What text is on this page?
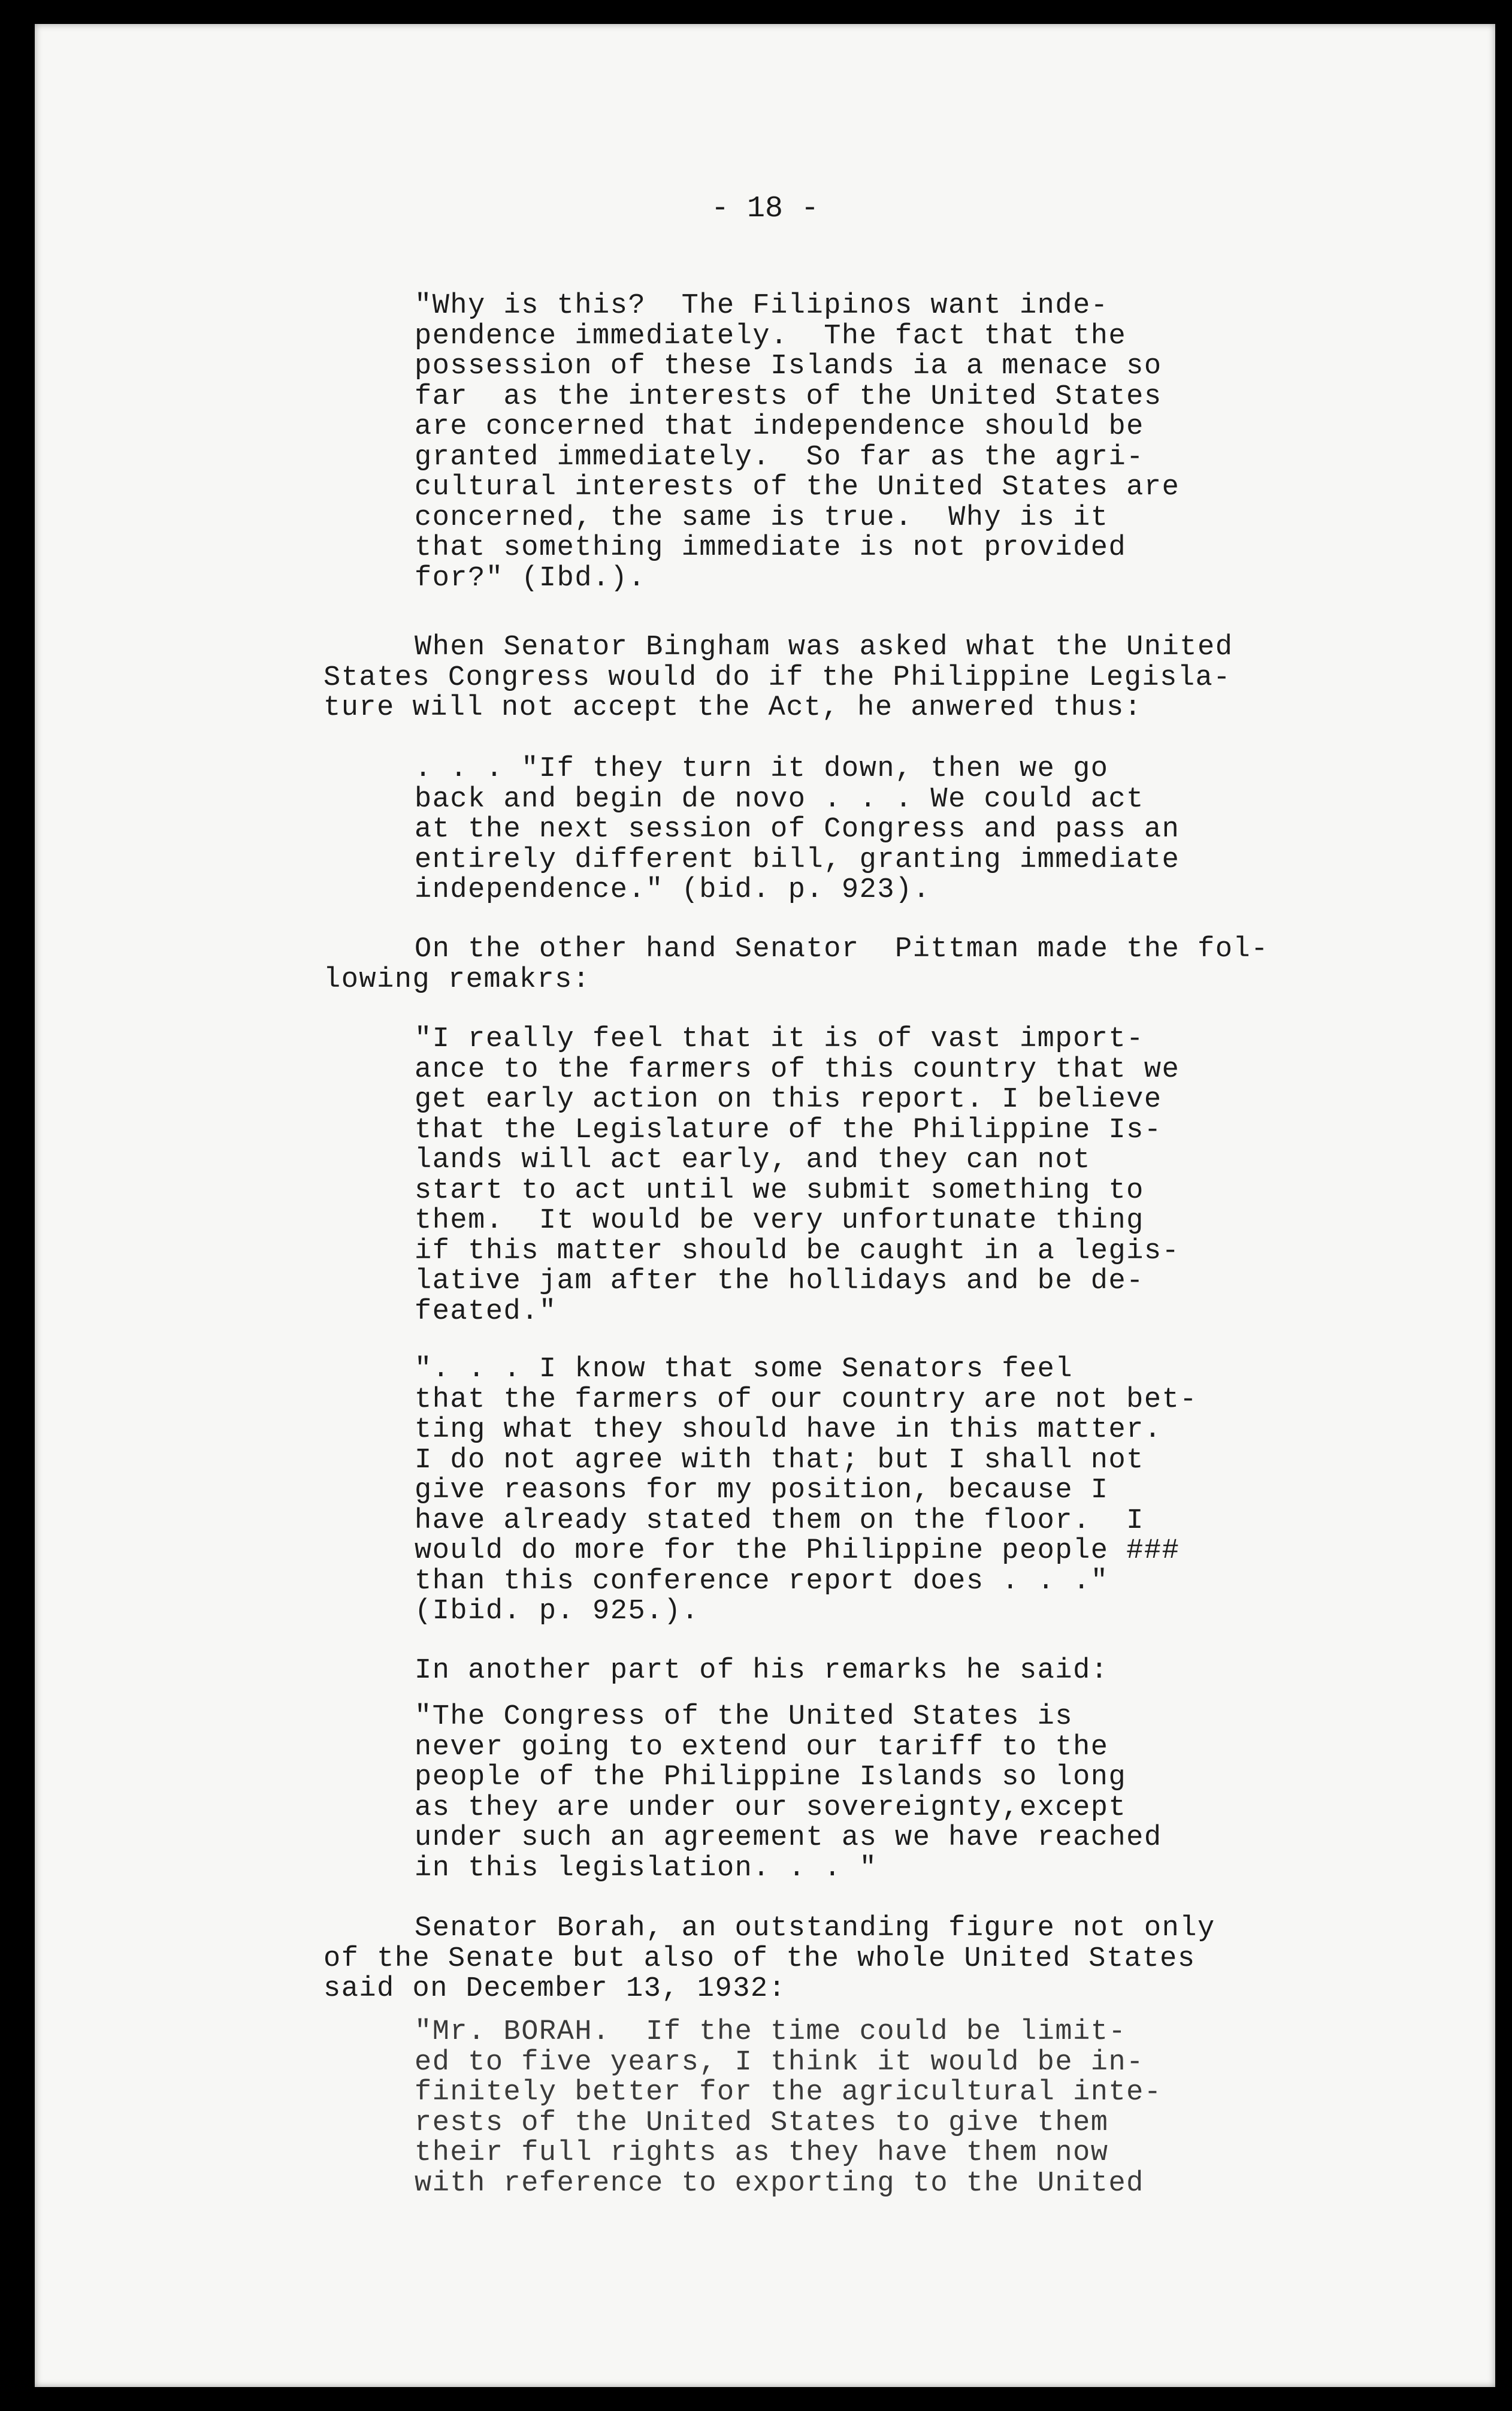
- 18 -
"Why is this?  The Filipinos want inde-
pendence immediately.  The fact that the
possession of these Islands ia a menace so
far  as the interests of the United States
are concerned that independence should be
granted immediately.  So far as the agri-
cultural interests of the United States are
concerned, the same is true.  Why is it
that something immediate is not provided
for?" (Ibd.).
When Senator Bingham was asked what the United
States Congress would do if the Philippine Legisla-
ture will not accept the Act, he anwered thus:
. . . "If they turn it down, then we go
back and begin de novo . . . We could act
at the next session of Congress and pass an
entirely different bill, granting immediate
independence." (bid. p. 923).
On the other hand Senator  Pittman made the fol-
lowing remakrs:
"I really feel that it is of vast import-
ance to the farmers of this country that we
get early action on this report. I believe
that the Legislature of the Philippine Is-
lands will act early, and they can not
start to act until we submit something to
them.  It would be very unfortunate thing
if this matter should be caught in a legis-
lative jam after the hollidays and be de-
feated."
". . . I know that some Senators feel
that the farmers of our country are not bet-
ting what they should have in this matter.
I do not agree with that; but I shall not
give reasons for my position, because I
have already stated them on the floor.  I
would do more for the Philippine people ###
than this conference report does . . ."
(Ibid. p. 925.).
In another part of his remarks he said:
"The Congress of the United States is
never going to extend our tariff to the
people of the Philippine Islands so long
as they are under our sovereignty,except
under such an agreement as we have reached
in this legislation. . . "
Senator Borah, an outstanding figure not only
of the Senate but also of the whole United States
said on December 13, 1932:
"Mr. BORAH.  If the time could be limit-
ed to five years, I think it would be in-
finitely better for the agricultural inte-
rests of the United States to give them
their full rights as they have them now
with reference to exporting to the United
